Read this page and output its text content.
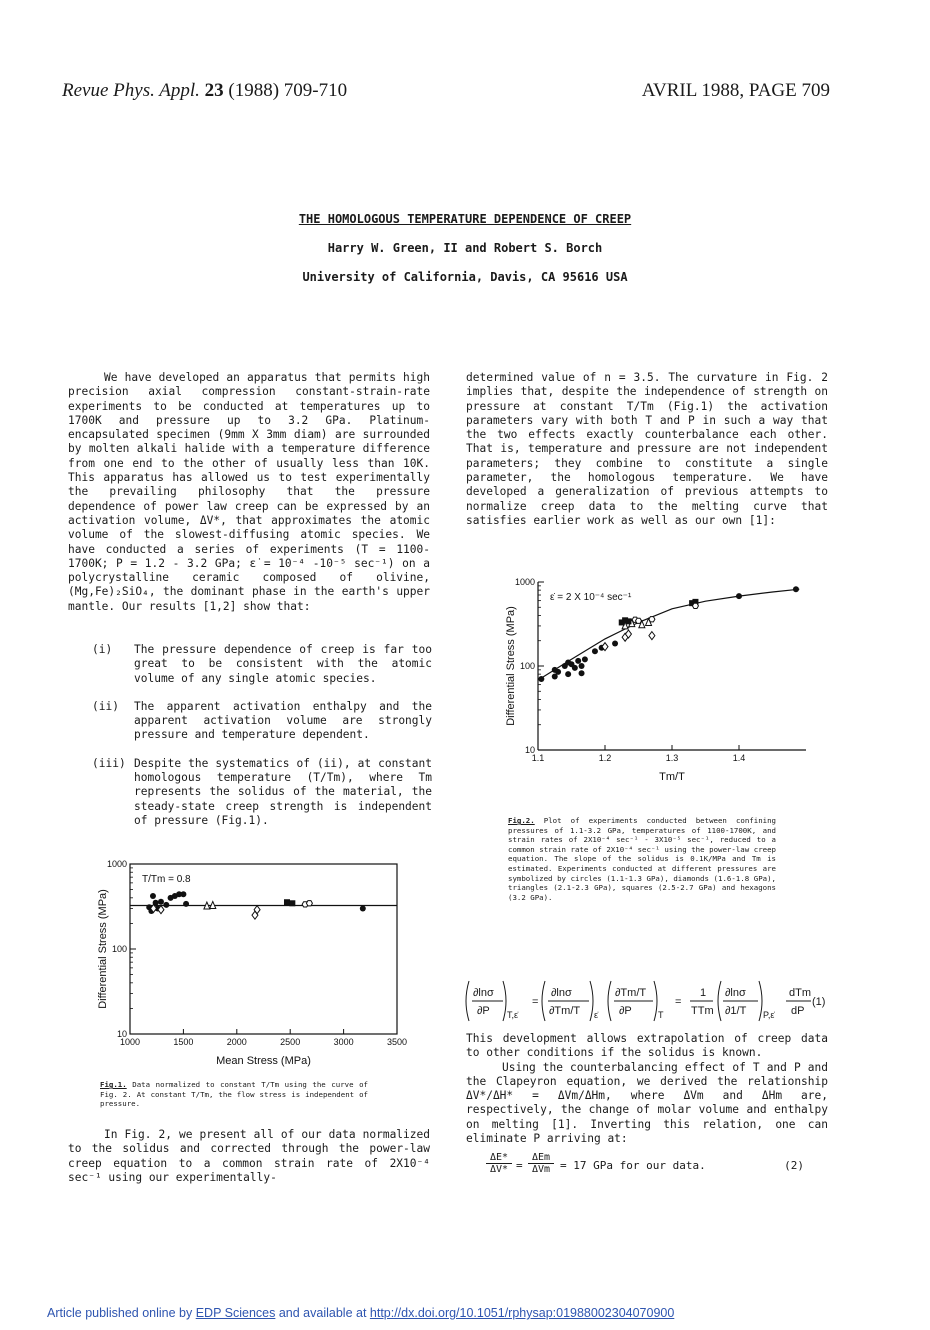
Revue Phys. Appl. 23 (1988) 709-710	AVRIL 1988, PAGE 709
THE HOMOLOGOUS TEMPERATURE DEPENDENCE OF CREEP
Harry W. Green, II and Robert S. Borch
University of California, Davis, CA 95616 USA

We have developed an apparatus that permits high precision axial compression constant-strain-rate experiments to be conducted at temperatures up to 1700K and pressure up to 3.2 GPa. Platinum-encapsulated specimen (9mm X 3mm diam) are surrounded by molten alkali halide with a temperature difference from one end to the other of usually less than 10K. This apparatus has allowed us to test experimentally the prevailing philosophy that the pressure dependence of power law creep can be expressed by an activation volume, ΔV*, that approximates the atomic volume of the slowest-diffusing atomic species. We have conducted a series of experiments (T = 1100-1700K; P = 1.2 - 3.2 GPa; ε̇ = 10⁻⁴ -10⁻⁵ sec⁻¹) on a polycrystalline ceramic composed of olivine, (Mg,Fe)₂SiO₄, the dominant phase in the earth's upper mantle. Our results [1,2] show that:

(i)	The pressure dependence of creep is far too great to be consistent with the atomic volume of any single atomic species.
(ii)	The apparent activation enthalpy and the apparent activation volume are strongly pressure and temperature dependent.
(iii) Despite the systematics of (ii), at constant homologous temperature (T/Tm), where Tm represents the solidus of the material, the steady-state creep strength is independent of pressure (Fig.1).
10
100
1000
1000	1500	2000	2500	3000	3500
Mean Stress (MPa)
Differential Stress (MPa)
T/Tm = 0.8
Fig.1. Data normalized to constant T/Tm using the curve of Fig. 2. At constant T/Tm, the flow stress is independent of pressure.

In Fig. 2, we present all of our data normalized to the solidus and corrected through the power-law creep equation to a common strain rate of 2X10⁻⁴ sec⁻¹ using our experimentally-

determined value of n = 3.5. The curvature in Fig. 2 implies that, despite the independence of strength on pressure at constant T/Tm (Fig.1) the activation parameters vary with both T and P in such a way that the two effects exactly counterbalance each other. That is, temperature and pressure are not independent parameters; they combine to constitute a single parameter, the homologous temperature. We have developed a generalization of previous attempts to normalize creep data to the melting curve that satisfies earlier work as well as our own [1]:

10
100
1000
1.1	1.2	1.3	1.4
Tm/T
Differential Stress (MPa)
ε̇ = 2 X 10⁻⁴ sec⁻¹
Fig.2. Plot of experiments conducted between confining pressures of 1.1-3.2 GPa, temperatures of 1100-1700K, and strain rates of 2X10⁻⁴ sec⁻¹ - 3X10⁻⁵ sec⁻¹, reduced to a common strain rate of 2X10⁻⁴ sec⁻¹ using the power-law creep equation. The slope of the solidus is 0.1K/MPa and Tm is estimated. Experiments conducted at different pressures are symbolized by circles (1.1-1.3 GPa), diamonds (1.6-1.8 GPa), triangles (2.1-2.3 GPa), squares (2.5-2.7 GPa) and hexagons (3.2 GPa).
∂lnσ
∂P T,ε̇
=
∂lnσ
∂Tm/T ε̇
∂Tm/T
∂P	T
=
1
TTm
∂lnσ
∂1/T P,ε̇
dTm
dP
(1)

This development allows extrapolation of creep data to other conditions if the solidus is known.

Using the counterbalancing effect of T and P and the Clapeyron equation, we derived the relationship ΔV*/ΔH* = ΔVm/ΔHm, where ΔVm and ΔHm are, respectively, the change of molar volume and enthalpy on melting [1]. Inverting this relation, one can eliminate P arriving at:

ΔE*
ΔV* =
ΔEm
ΔVm = 17 GPa for our data.	(2)
Article published online by EDP Sciences and available at http://dx.doi.org/10.1051/rphysap:01988002304070900
